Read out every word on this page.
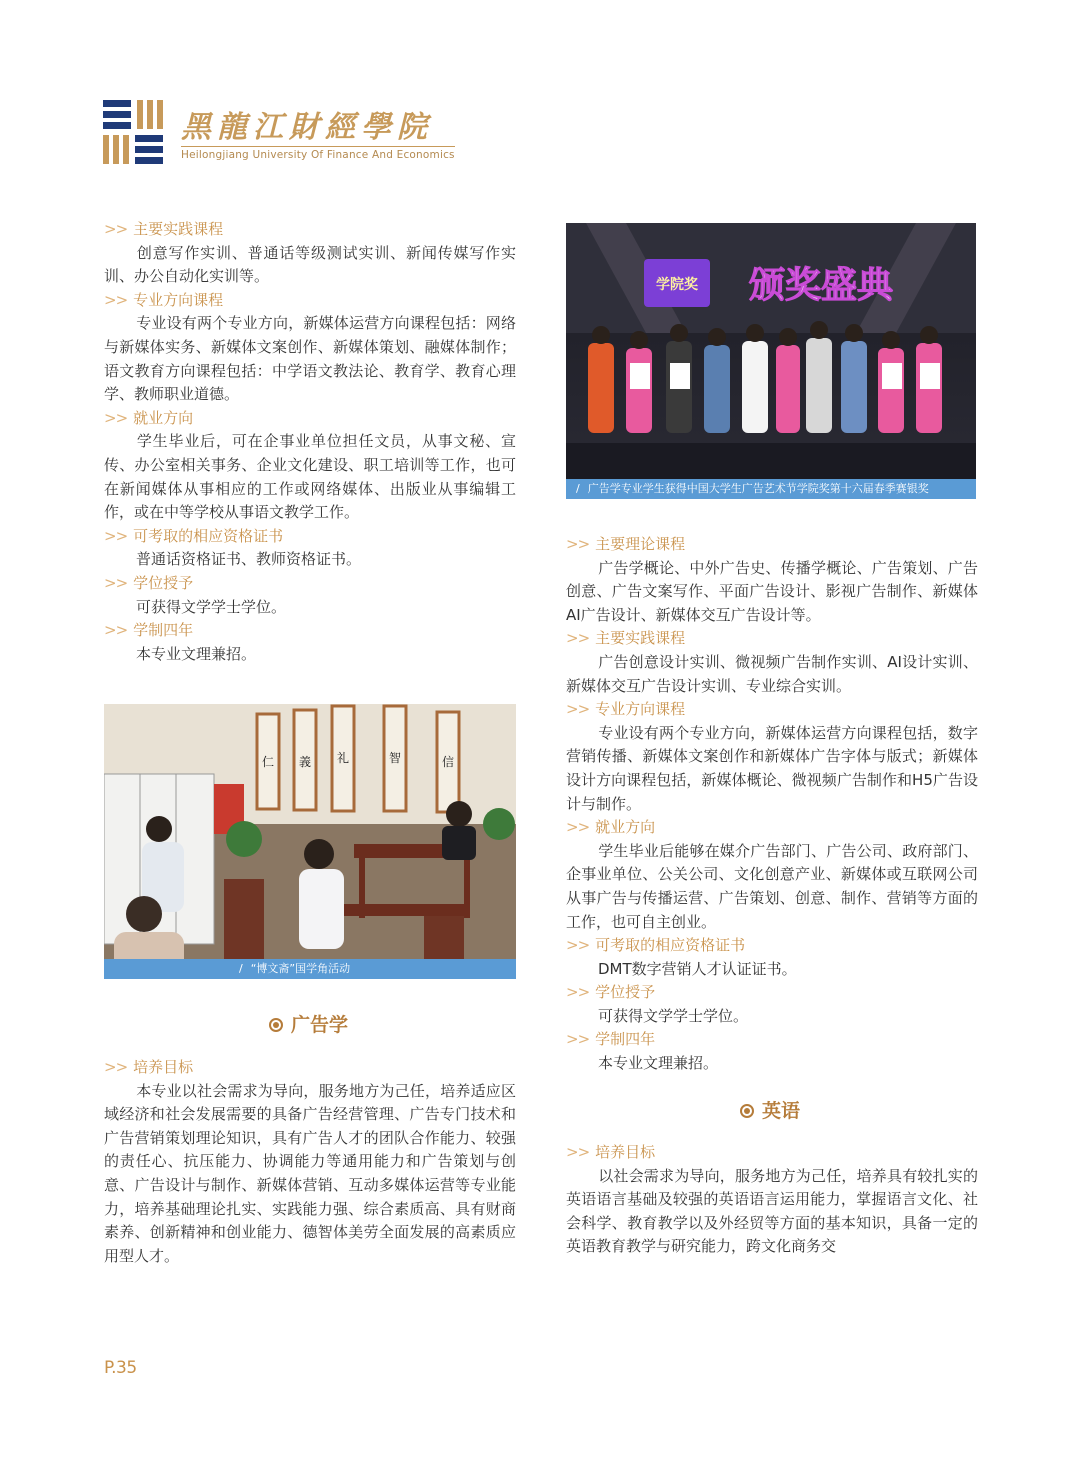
黑龍江財經學院
Heilongjiang University Of Finance And Economics
>> 主要实践课程

创意写作实训、普通话等级测试实训、新闻传媒写作实训、办公自动化实训等。

>> 专业方向课程

专业设有两个专业方向，新媒体运营方向课程包括：网络与新媒体实务、新媒体文案创作、新媒体策划、融媒体制作；语文教育方向课程包括：中学语文教法论、教育学、教育心理学、教师职业道德。

>> 就业方向

学生毕业后，可在企事业单位担任文员，从事文秘、宣传、办公室相关事务、企业文化建设、职工培训等工作，也可在新闻媒体从事相应的工作或网络媒体、出版业从事编辑工作，或在中等学校从事语文教学工作。

>> 可考取的相应资格证书

普通话资格证书、教师资格证书。

>> 学位授予

可获得文学学士学位。

>> 学制四年

本专业文理兼招。

仁 義 礼	智	信
/ “博文斋”国学角活动
广告学
>> 培养目标

本专业以社会需求为导向，服务地方为己任，培养适应区域经济和社会发展需要的具备广告经营管理、广告专门技术和广告营销策划理论知识，具有广告人才的团队合作能力、较强的责任心、抗压能力、协调能力等通用能力和广告策划与创意、广告设计与制作、新媒体营销、互动多媒体运营等专业能力，培养基础理论扎实、实践能力强、综合素质高、具有财商素养、创新精神和创业能力、德智体美劳全面发展的高素质应用型人才。

学院奖 颁奖盛典
/ 广告学专业学生获得中国大学生广告艺术节学院奖第十六届春季赛银奖
>> 主要理论课程

广告学概论、中外广告史、传播学概论、广告策划、广告创意、广告文案写作、平面广告设计、影视广告制作、新媒体AI广告设计、新媒体交互广告设计等。

>> 主要实践课程

广告创意设计实训、微视频广告制作实训、AI设计实训、新媒体交互广告设计实训、专业综合实训。

>> 专业方向课程

专业设有两个专业方向，新媒体运营方向课程包括，数字营销传播、新媒体文案创作和新媒体广告字体与版式；新媒体设计方向课程包括，新媒体概论、微视频广告制作和H5广告设计与制作。

>> 就业方向

学生毕业后能够在媒介广告部门、广告公司、政府部门、企事业单位、公关公司、文化创意产业、新媒体或互联网公司从事广告与传播运营、广告策划、创意、制作、营销等方面的工作，也可自主创业。

>> 可考取的相应资格证书

DMT数字营销人才认证证书。

>> 学位授予

可获得文学学士学位。

>> 学制四年

本专业文理兼招。

英语
>> 培养目标

以社会需求为导向，服务地方为己任，培养具有较扎实的英语语言基础及较强的英语语言运用能力，掌握语言文化、社会科学、教育教学以及外经贸等方面的基本知识，具备一定的英语教育教学与研究能力，跨文化商务交

P.35
